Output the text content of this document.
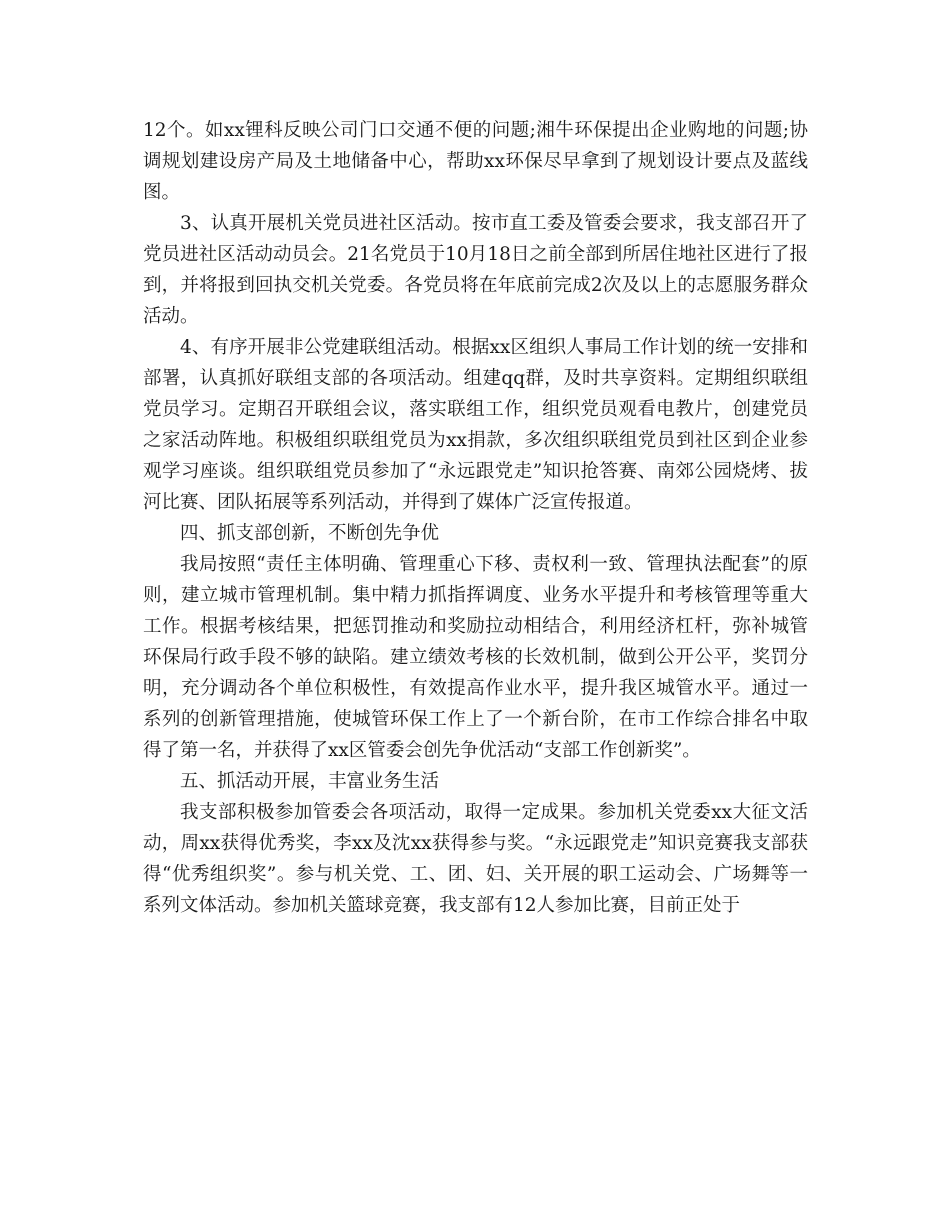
12个。如xx锂科反映公司门口交通不便的问题;湘牛环保提出企业购地的问题;协调规划建设房产局及土地储备中心，帮助xx环保尽早拿到了规划设计要点及蓝线图。

3、认真开展机关党员进社区活动。按市直工委及管委会要求，我支部召开了党员进社区活动动员会。21名党员于10月18日之前全部到所居住地社区进行了报到，并将报到回执交机关党委。各党员将在年底前完成2次及以上的志愿服务群众活动。

4、有序开展非公党建联组活动。根据xx区组织人事局工作计划的统一安排和部署，认真抓好联组支部的各项活动。组建qq群，及时共享资料。定期组织联组党员学习。定期召开联组会议，落实联组工作，组织党员观看电教片，创建党员之家活动阵地。积极组织联组党员为xx捐款，多次组织联组党员到社区到企业参观学习座谈。组织联组党员参加了“永远跟党走”知识抢答赛、南郊公园烧烤、拔河比赛、团队拓展等系列活动，并得到了媒体广泛宣传报道。

四、抓支部创新，不断创先争优

我局按照“责任主体明确、管理重心下移、责权利一致、管理执法配套”的原则，建立城市管理机制。集中精力抓指挥调度、业务水平提升和考核管理等重大工作。根据考核结果，把惩罚推动和奖励拉动相结合，利用经济杠杆，弥补城管环保局行政手段不够的缺陷。建立绩效考核的长效机制，做到公开公平，奖罚分明，充分调动各个单位积极性，有效提高作业水平，提升我区城管水平。通过一系列的创新管理措施，使城管环保工作上了一个新台阶，在市工作综合排名中取得了第一名，并获得了xx区管委会创先争优活动“支部工作创新奖”。

五、抓活动开展，丰富业务生活

我支部积极参加管委会各项活动，取得一定成果。参加机关党委xx大征文活动，周xx获得优秀奖，李xx及沈xx获得参与奖。“永远跟党走”知识竞赛我支部获得“优秀组织奖”。参与机关党、工、团、妇、关开展的职工运动会、广场舞等一系列文体活动。参加机关篮球竞赛，我支部有12人参加比赛，目前正处于
